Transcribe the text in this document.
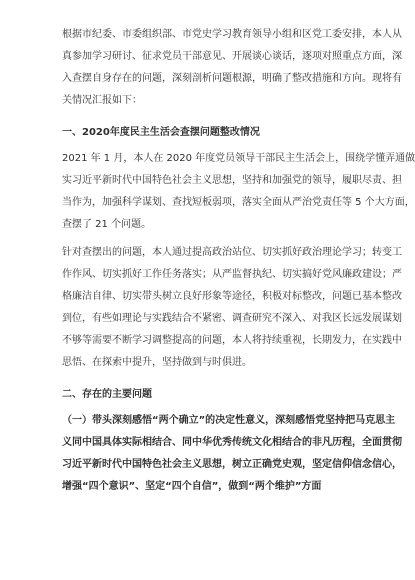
根据市纪委、市委组织部、市党史学习教育领导小组和区党工委安排，本人从
真参加学习研讨、征求党员干部意见、开展谈心谈话，逐项对照重点方面，深
入查摆自身存在的问题，深刻剖析问题根源，明确了整改措施和方向。现将有
关情况汇报如下：

一、2020年度民主生活会查摆问题整改情况

2021 年 1 月，本人在 2020 年度党员领导干部民主生活会上，围绕学懂弄通做
实习近平新时代中国特色社会主义思想，坚持和加强党的领导，履职尽责、担
当作为，加强科学谋划、查找短板弱项，落实全面从严治党责任等 5 个大方面，
查摆了 21 个问题。

针对查摆出的问题，本人通过提高政治站位、切实抓好政治理论学习；转变工
作作风、切实抓好工作任务落实；从严监督执纪、切实搞好党风廉政建设；严
格廉洁自律、切实带头树立良好形象等途径，积极对标整改，问题已基本整改
到位，有些如理论与实践结合不紧密、调查研究不深入、对我区长远发展谋划
不够等需要不断学习调整提高的问题，本人将持续重视，长期发力，在实践中
思悟、在探索中提升，坚持做到与时俱进。

二、存在的主要问题

（一）带头深刻感悟“两个确立”的决定性意义，深刻感悟党坚持把马克思主
义同中国具体实际相结合、同中华优秀传统文化相结合的非凡历程，全面贯彻
习近平新时代中国特色社会主义思想，树立正确党史观，坚定信仰信念信心，
增强“四个意识”、坚定“四个自信”，做到“两个维护”方面
